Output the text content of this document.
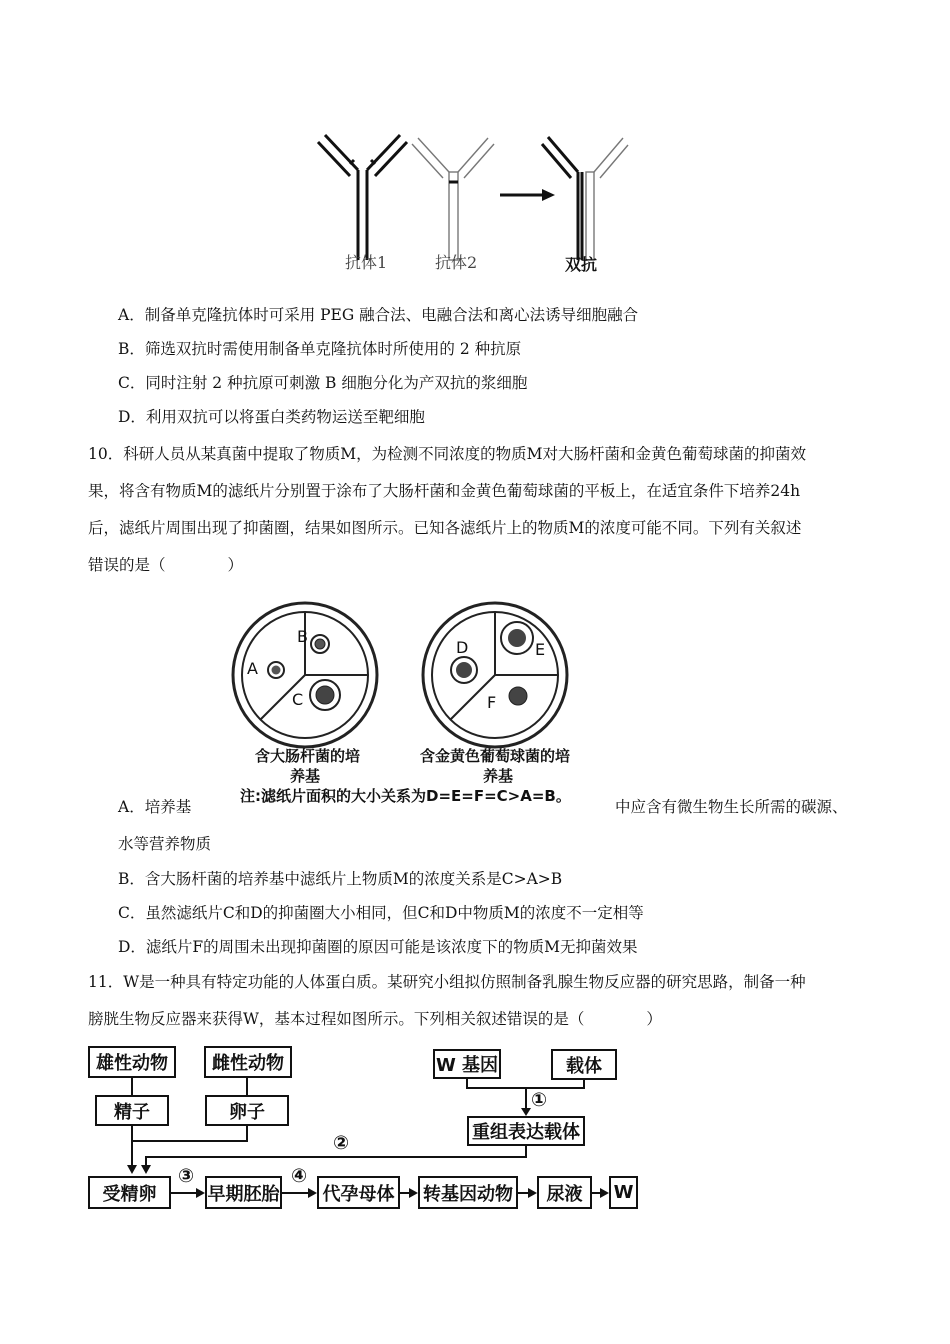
抗体1	抗体2	双抗
A．制备单克隆抗体时可采用 PEG 融合法、电融合法和离心法诱导细胞融合
B．筛选双抗时需使用制备单克隆抗体时所使用的 2 种抗原
C．同时注射 2 种抗原可刺激 B 细胞分化为产双抗的浆细胞
D．利用双抗可以将蛋白类药物运送至靶细胞
10．科研人员从某真菌中提取了物质M，为检测不同浓度的物质M对大肠杆菌和金黄色葡萄球菌的抑菌效
果，将含有物质M的滤纸片分别置于涂布了大肠杆菌和金黄色葡萄球菌的平板上，在适宜条件下培养24h
后，滤纸片周围出现了抑菌圈，结果如图所示。已知各滤纸片上的物质M的浓度可能不同。下列有关叙述
错误的是（　　　　）
A
B
C
D	E
F
含大肠杆菌的培
养基
含金黄色葡萄球菌的培
养基
A．培养基
注:滤纸片面积的大小关系为D=E=F=C>A=B。
中应含有微生物生长所需的碳源、
水等营养物质
B．含大肠杆菌的培养基中滤纸片上物质M的浓度关系是C>A>B
C．虽然滤纸片C和D的抑菌圈大小相同，但C和D中物质M的浓度不一定相等
D．滤纸片F的周围未出现抑菌圈的原因可能是该浓度下的物质M无抑菌效果
11．W是一种具有特定功能的人体蛋白质。某研究小组拟仿照制备乳腺生物反应器的研究思路，制备一种
膀胱生物反应器来获得W，基本过程如图所示。下列相关叙述错误的是（　　　　）
雄性动物	雌性动物
精子	卵子
W 基因	载体
重组表达载体
受精卵	早期胚胎	代孕母体	转基因动物	尿液	W
①
②
③	④
